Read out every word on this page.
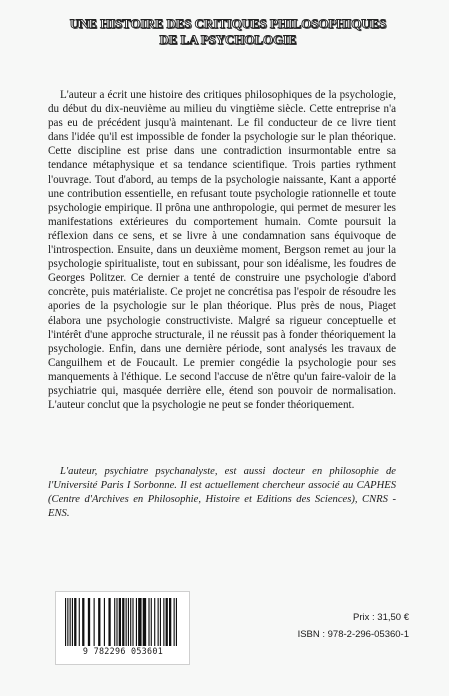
UNE HISTOIRE DES CRITIQUES PHILOSOPHIQUES
DE LA PSYCHOLOGIE

L'auteur a écrit une histoire des critiques philosophiques de la psychologie, du début du dix-neuvième au milieu du vingtième siècle. Cette entreprise n'a pas eu de précédent jusqu'à maintenant. Le fil conducteur de ce livre tient dans l'idée qu'il est impossible de fonder la psychologie sur le plan théorique. Cette discipline est prise dans une contradiction insurmontable entre sa tendance métaphysique et sa tendance scientifique. Trois parties rythment l'ouvrage. Tout d'abord, au temps de la psychologie naissante, Kant a apporté une contribution essentielle, en refusant toute psychologie rationnelle et toute psychologie empirique. Il prôna une anthropologie, qui permet de mesurer les manifestations extérieures du comportement humain. Comte poursuit la réflexion dans ce sens, et se livre à une condamnation sans équivoque de l'introspection. Ensuite, dans un deuxième moment, Bergson remet au jour la psychologie spiritualiste, tout en subissant, pour son idéalisme, les foudres de Georges Politzer. Ce dernier a tenté de construire une psychologie d'abord concrète, puis matérialiste. Ce projet ne concrétisa pas l'espoir de résoudre les apories de la psychologie sur le plan théorique. Plus près de nous, Piaget élabora une psychologie constructiviste. Malgré sa rigueur conceptuelle et l'intérêt d'une approche structurale, il ne réussit pas à fonder théoriquement la psychologie. Enfin, dans une dernière période, sont analysés les travaux de Canguilhem et de Foucault. Le premier congédie la psychologie pour ses manquements à l'éthique. Le second l'accuse de n'être qu'un faire-valoir de la psychiatrie qui, masquée derrière elle, étend son pouvoir de normalisation. L'auteur conclut que la psychologie ne peut se fonder théoriquement.

L'auteur, psychiatre psychanalyste, est aussi docteur en philosophie de l'Université Paris I Sorbonne. Il est actuellement chercheur associé au CAPHES (Centre d'Archives en Philosophie, Histoire et Editions des Sciences), CNRS - ENS.

9 782296 053601
Prix : 31,50 €
ISBN : 978-2-296-05360-1
